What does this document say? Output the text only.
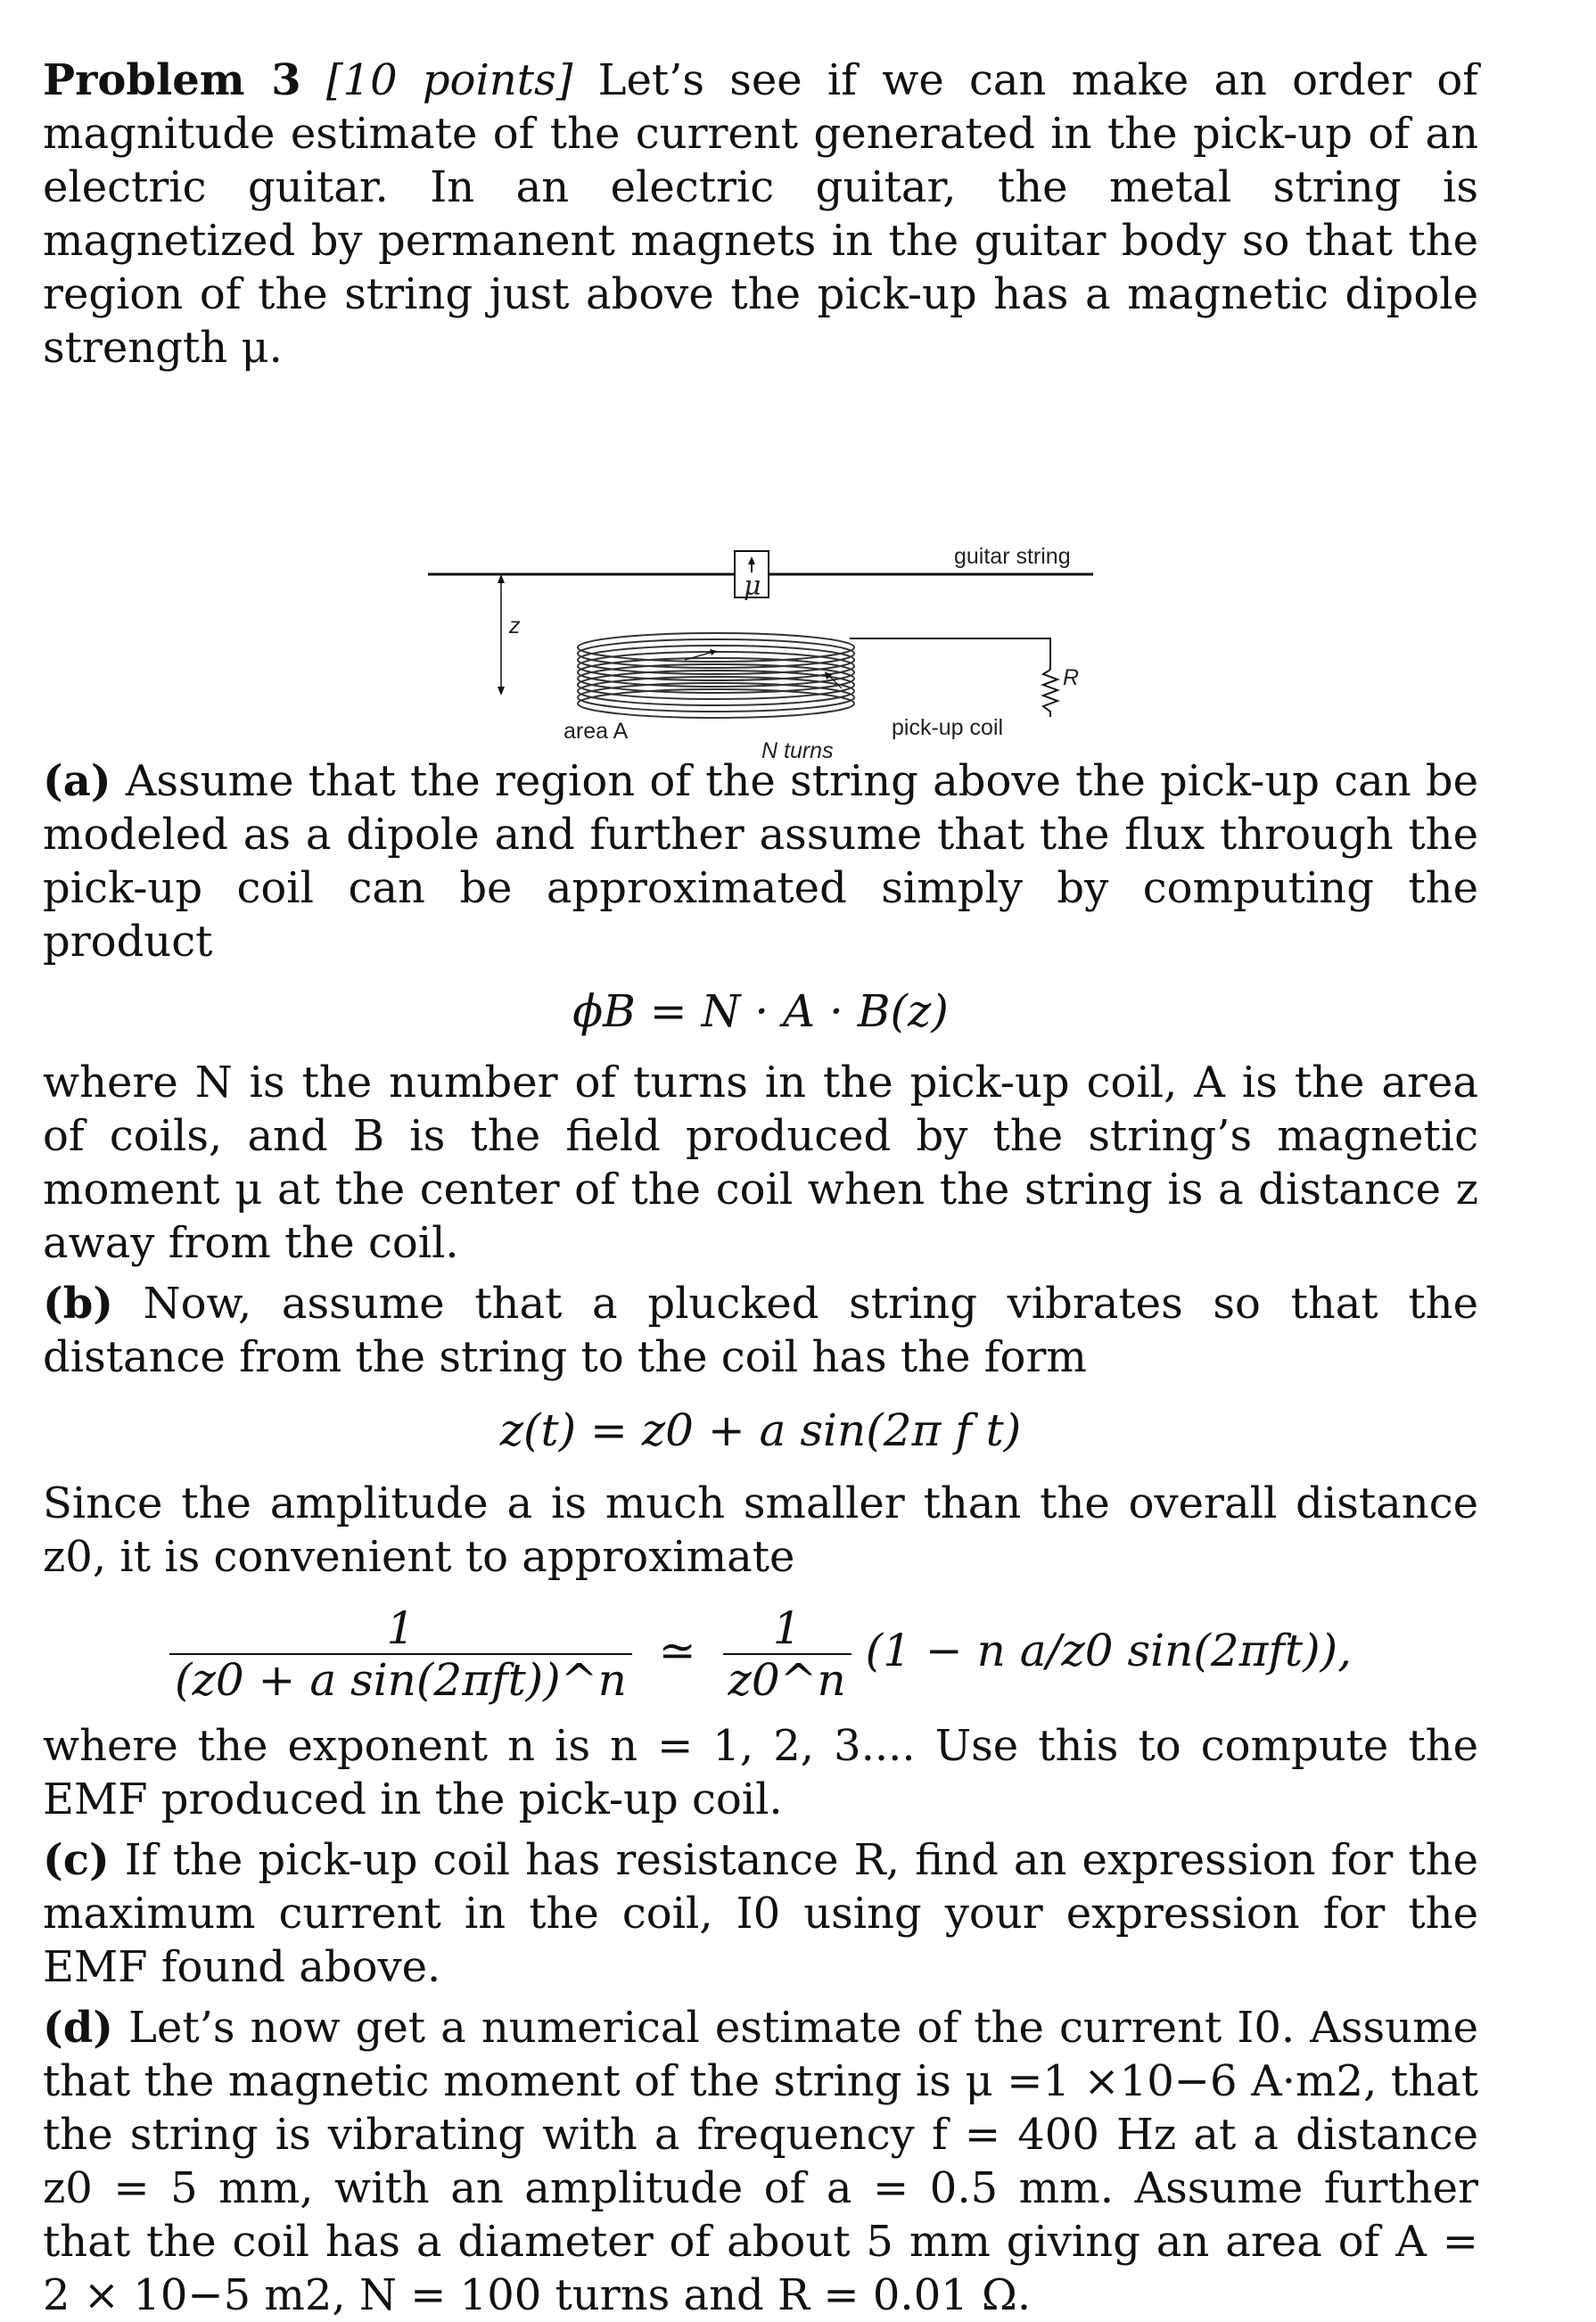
Problem 3 [10 points] Let’s see if we can make an order of magnitude estimate of the current generated in the pick-up of an electric guitar. In an electric guitar, the metal string is magnetized by permanent magnets in the guitar body so that the region of the string just above the pick-up has a magnetic dipole strength μ.

μ
z
guitar string
R
area A
N turns
pick-up coil

(a) Assume that the region of the string above the pick-up can be modeled as a dipole and further assume that the flux through the pick-up coil can be approximated simply by computing the product

ϕB = N · A · B(z)

where N is the number of turns in the pick-up coil, A is the area of coils, and B is the field produced by the string’s magnetic moment μ at the center of the coil when the string is a distance z away from the coil.

(b) Now, assume that a plucked string vibrates so that the distance from the string to the coil has the form

z(t) = z0 + a sin(2π f t)

Since the amplitude a is much smaller than the overall distance z0, it is convenient to approximate

$\frac{1}{\text{(z0 + a sin(2πft))\textasciicircum{}n}}$ ≃ $\frac{1}{z0\^{}n} (1 - n$ a/z0 sin(2πft)),

where the exponent n is n = 1, 2, 3.... Use this to compute the EMF produced in the pick-up coil.

(c) If the pick-up coil has resistance R, find an expression for the maximum current in the coil, I0 using your expression for the EMF found above.

(d) Let’s now get a numerical estimate of the current I0. Assume that the magnetic moment of the string is μ =1 ×10−6 A·m2, that the string is vibrating with a frequency f = 400 Hz at a distance z0 = 5 mm, with an amplitude of a = 0.5 mm. Assume further that the coil has a diameter of about 5 mm giving an area of A = 2 × 10−5 m2, N = 100 turns and R = 0.01 Ω.
